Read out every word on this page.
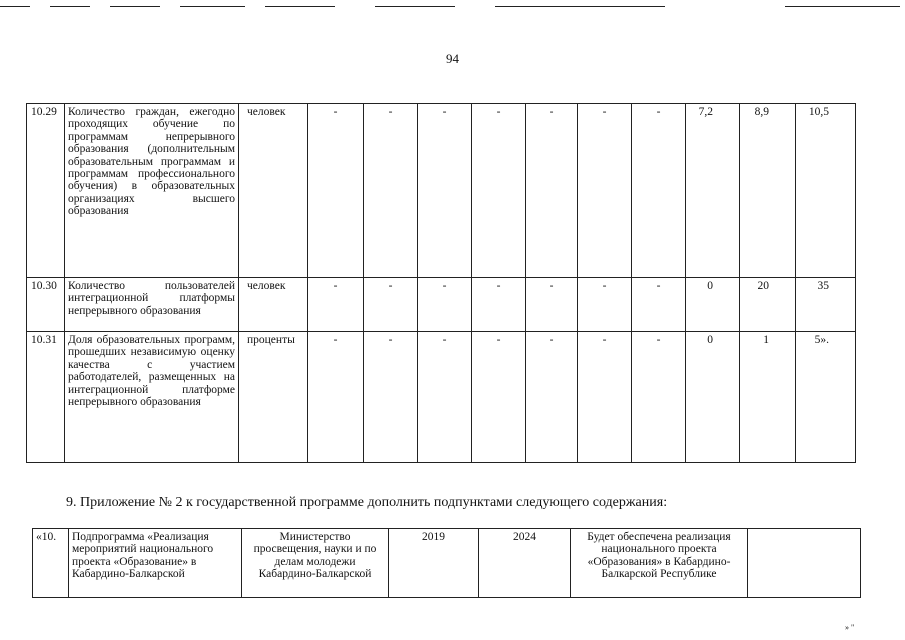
94
10.29	Количество граждан, ежегодно проходящих обучение по программам непрерывного образования (дополнительным образовательным программам и программам профессионального обучения) в образовательных организациях высшего образования	человек	-	-	-	-	-	-	-	7,2	8,9	10,5
10.30	Количество пользователей интеграционной платформы непрерывного образования	человек	-	-	-	-	-	-	-	0	20	35
10.31	Доля образовательных программ, прошедших независимую оценку качества с участием работодателей, размещенных на интеграционной платформе непрерывного образования	проценты	-	-	-	-	-	-	-	0	1	5».
9. Приложение № 2 к государственной программе дополнить подпунктами следующего содержания:
«10.	Подпрограмма «Реализация мероприятий национального проекта «Образование» в Кабардино-Балкарской	Министерство просвещения, науки и по делам молодежи Кабардино-Балкарской	2019	2024	Будет обеспечена реализация национального проекта «Образования» в Кабардино-Балкарской Республике	
» "
